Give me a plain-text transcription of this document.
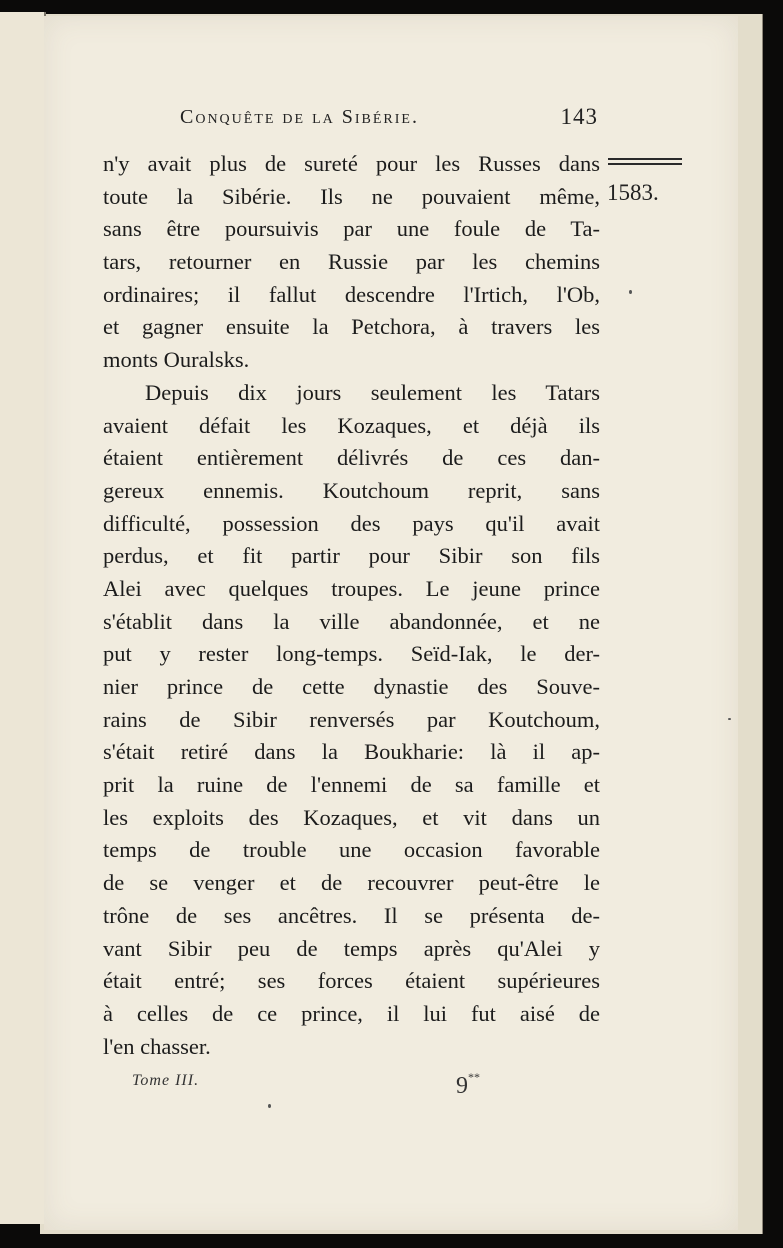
Conquête de la Sibérie.	143
1583.
n'y avait plus de sureté pour les Russes dans
toute la Sibérie. Ils ne pouvaient même,
sans être poursuivis par une foule de Ta-
tars, retourner en Russie par les chemins
ordinaires; il fallut descendre l'Irtich, l'Ob,
et gagner ensuite la Petchora, à travers les
monts Ouralsks.
Depuis dix jours seulement les Tatars
avaient défait les Kozaques, et déjà ils
étaient entièrement délivrés de ces dan-
gereux ennemis. Koutchoum reprit, sans
difficulté, possession des pays qu'il avait
perdus, et fit partir pour Sibir son fils
Alei avec quelques troupes. Le jeune prince
s'établit dans la ville abandonnée, et ne
put y rester long-temps. Seïd-Iak, le der-
nier prince de cette dynastie des Souve-
rains de Sibir renversés par Koutchoum,
s'était retiré dans la Boukharie: là il ap-
prit la ruine de l'ennemi de sa famille et
les exploits des Kozaques, et vit dans un
temps de trouble une occasion favorable
de se venger et de recouvrer peut-être le
trône de ses ancêtres. Il se présenta de-
vant Sibir peu de temps après qu'Alei y
était entré; ses forces étaient supérieures
à celles de ce prince, il lui fut aisé de
l'en chasser.
Tome III.	9**
